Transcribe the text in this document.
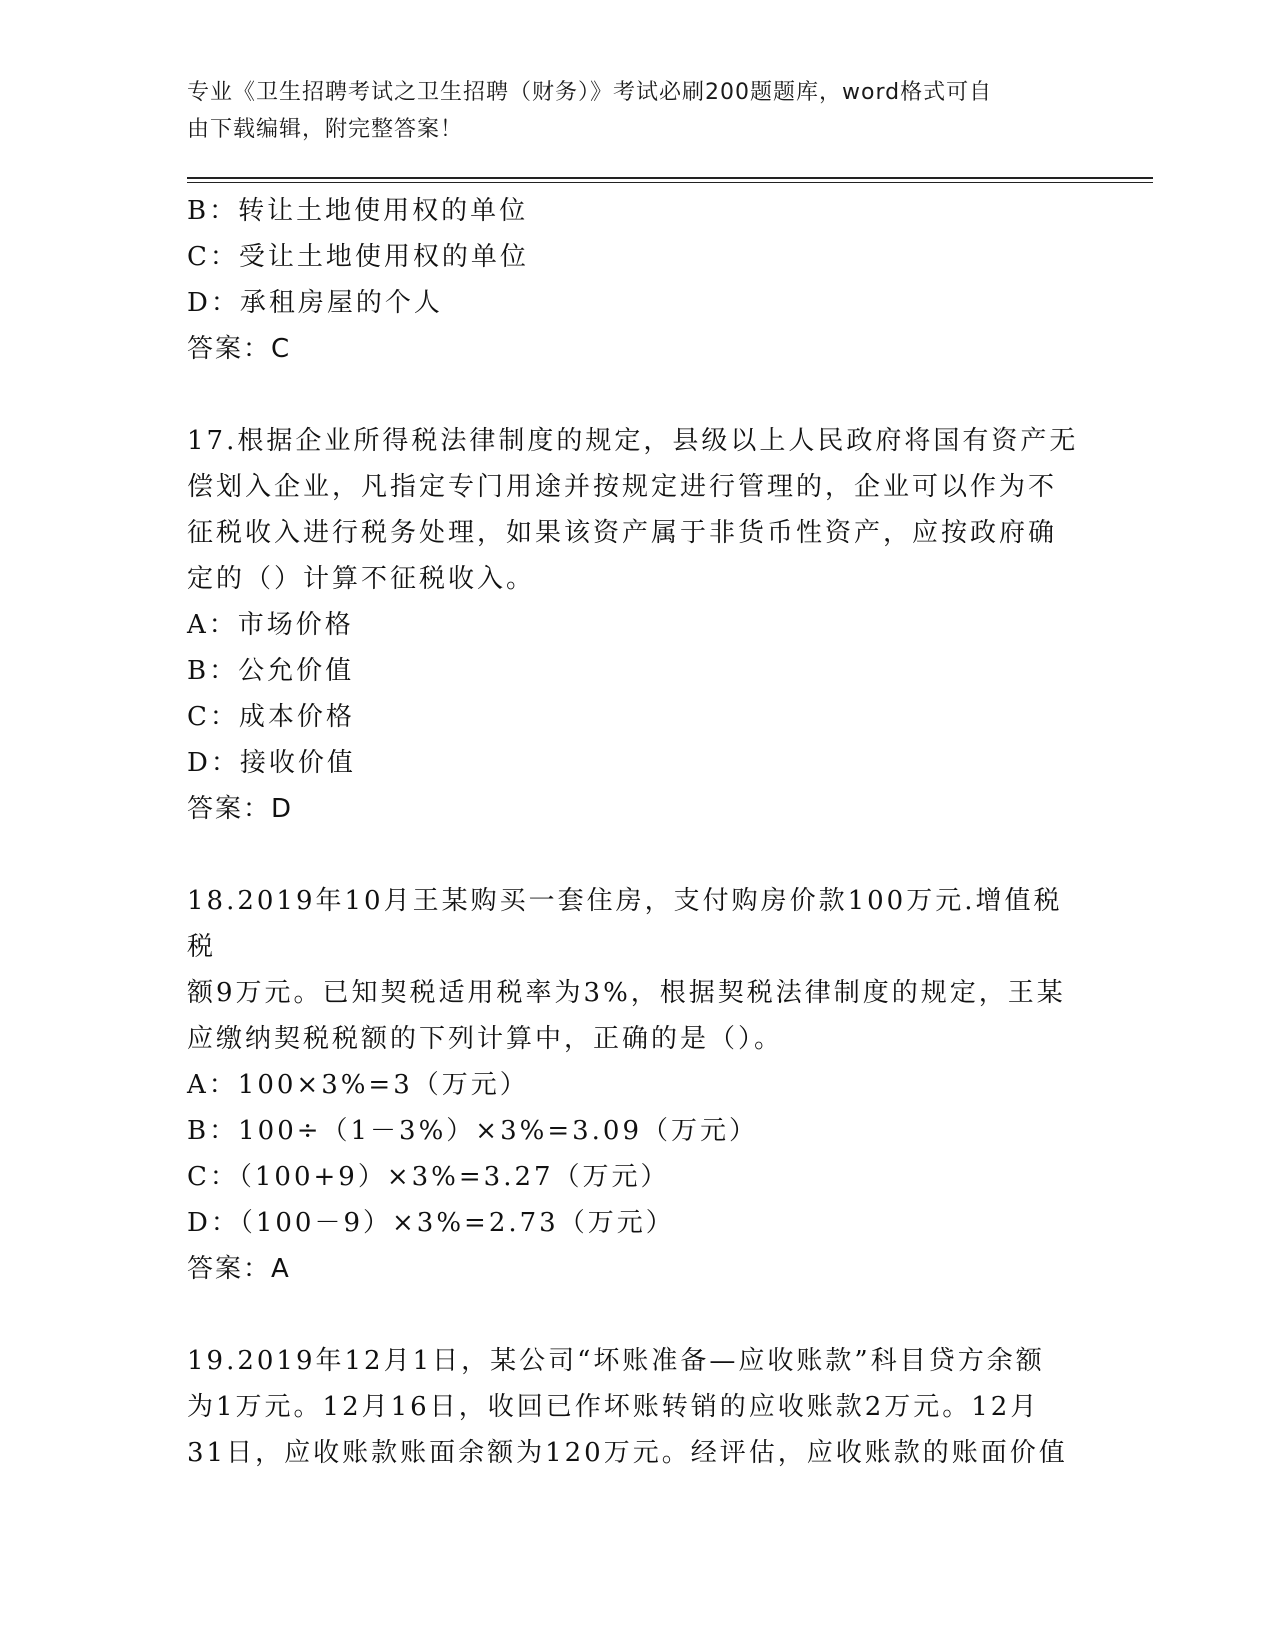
专业《卫生招聘考试之卫生招聘（财务）》考试必刷200题题库，word格式可自
由下载编辑，附完整答案！

B：转让土地使用权的单位

C：受让土地使用权的单位

D：承租房屋的个人

答案：C

17.根据企业所得税法律制度的规定，县级以上人民政府将国有资产无

偿划入企业，凡指定专门用途并按规定进行管理的，企业可以作为不

征税收入进行税务处理，如果该资产属于非货币性资产，应按政府确

定的（）计算不征税收入。

A：市场价格

B：公允价值

C：成本价格

D：接收价值

答案：D

18.2019年10月王某购买一套住房，支付购房价款100万元.增值税税

额9万元。已知契税适用税率为3%，根据契税法律制度的规定，王某

应缴纳契税税额的下列计算中，正确的是（）。

A：100×3%=3（万元）

B：100÷（1－3%）×3%=3.09（万元）

C：（100+9）×3%=3.27（万元）

D：（100－9）×3%=2.73（万元）

答案：A

19.2019年12月1日，某公司“坏账准备—应收账款”科目贷方余额

为1万元。12月16日，收回已作坏账转销的应收账款2万元。12月

31日，应收账款账面余额为120万元。经评估，应收账款的账面价值
